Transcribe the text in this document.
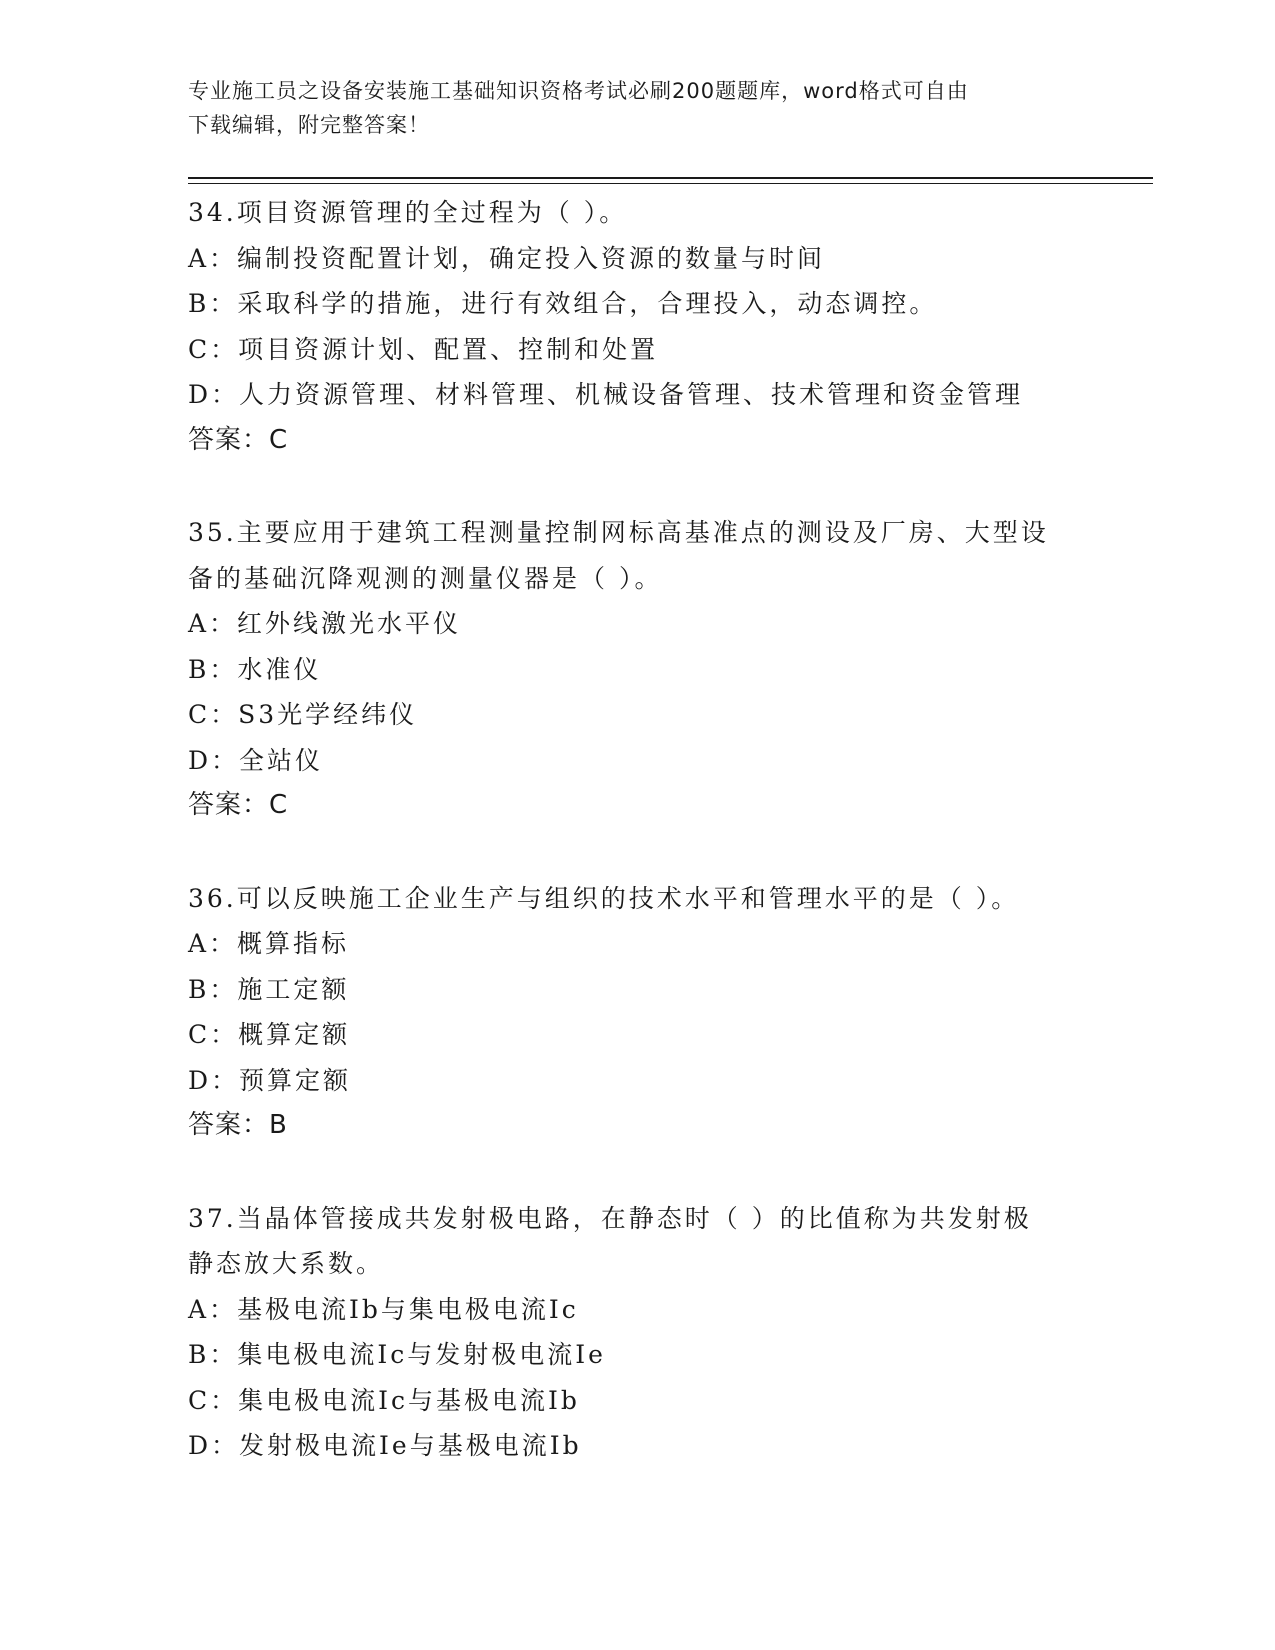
专业施工员之设备安装施工基础知识资格考试必刷200题题库，word格式可自由
下载编辑，附完整答案！
34.项目资源管理的全过程为（ ）。
A：编制投资配置计划，确定投入资源的数量与时间
B：采取科学的措施，进行有效组合，合理投入，动态调控。
C：项目资源计划、配置、控制和处置
D：人力资源管理、材料管理、机械设备管理、技术管理和资金管理
答案：C
35.主要应用于建筑工程测量控制网标高基准点的测设及厂房、大型设
备的基础沉降观测的测量仪器是（ ）。
A：红外线激光水平仪
B：水准仪
C：S3光学经纬仪
D：全站仪
答案：C
36.可以反映施工企业生产与组织的技术水平和管理水平的是（ ）。
A：概算指标
B：施工定额
C：概算定额
D：预算定额
答案：B
37.当晶体管接成共发射极电路，在静态时（ ）的比值称为共发射极
静态放大系数。
A：基极电流Ib与集电极电流Ic
B：集电极电流Ic与发射极电流Ie
C：集电极电流Ic与基极电流Ib
D：发射极电流Ie与基极电流Ib
